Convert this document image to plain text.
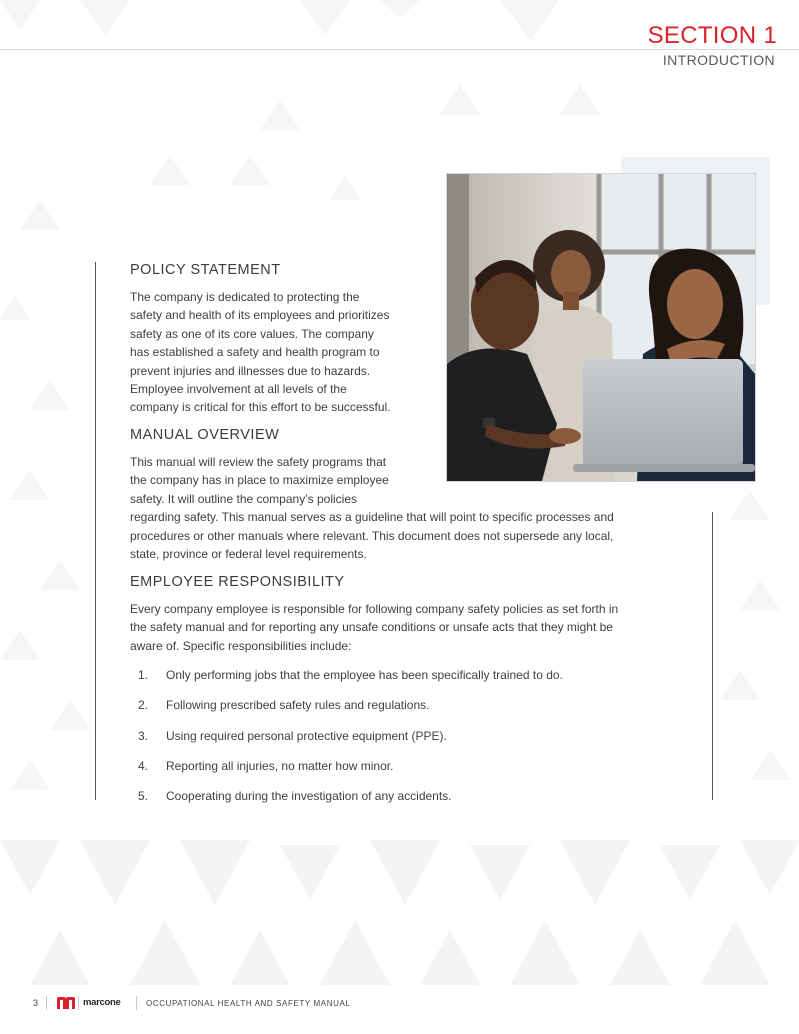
SECTION 1
INTRODUCTION
POLICY STATEMENT

The company is dedicated to protecting the
safety and health of its employees and prioritizes
safety as one of its core values. The company
has established a safety and health program to
prevent injuries and illnesses due to hazards.
Employee involvement at all levels of the
company is critical for this effort to be successful.

MANUAL OVERVIEW

This manual will review the safety programs that
the company has in place to maximize employee
safety. It will outline the company’s policies
regarding safety. This manual serves as a guideline that will point to specific processes and
procedures or other manuals where relevant. This document does not supersede any local,
state, province or federal level requirements.

EMPLOYEE RESPONSIBILITY

Every company employee is responsible for following company safety policies as set forth in
the safety manual and for reporting any unsafe conditions or unsafe acts that they might be
aware of. Specific responsibilities include:

1.	Only performing jobs that the employee has been specifically trained to do.
2.	Following prescribed safety rules and regulations.
3.	Using required personal protective equipment (PPE).
4.	Reporting all injuries, no matter how minor.
5.	Cooperating during the investigation of any accidents.
3	marcone	OCCUPATIONAL HEALTH AND SAFETY MANUAL
